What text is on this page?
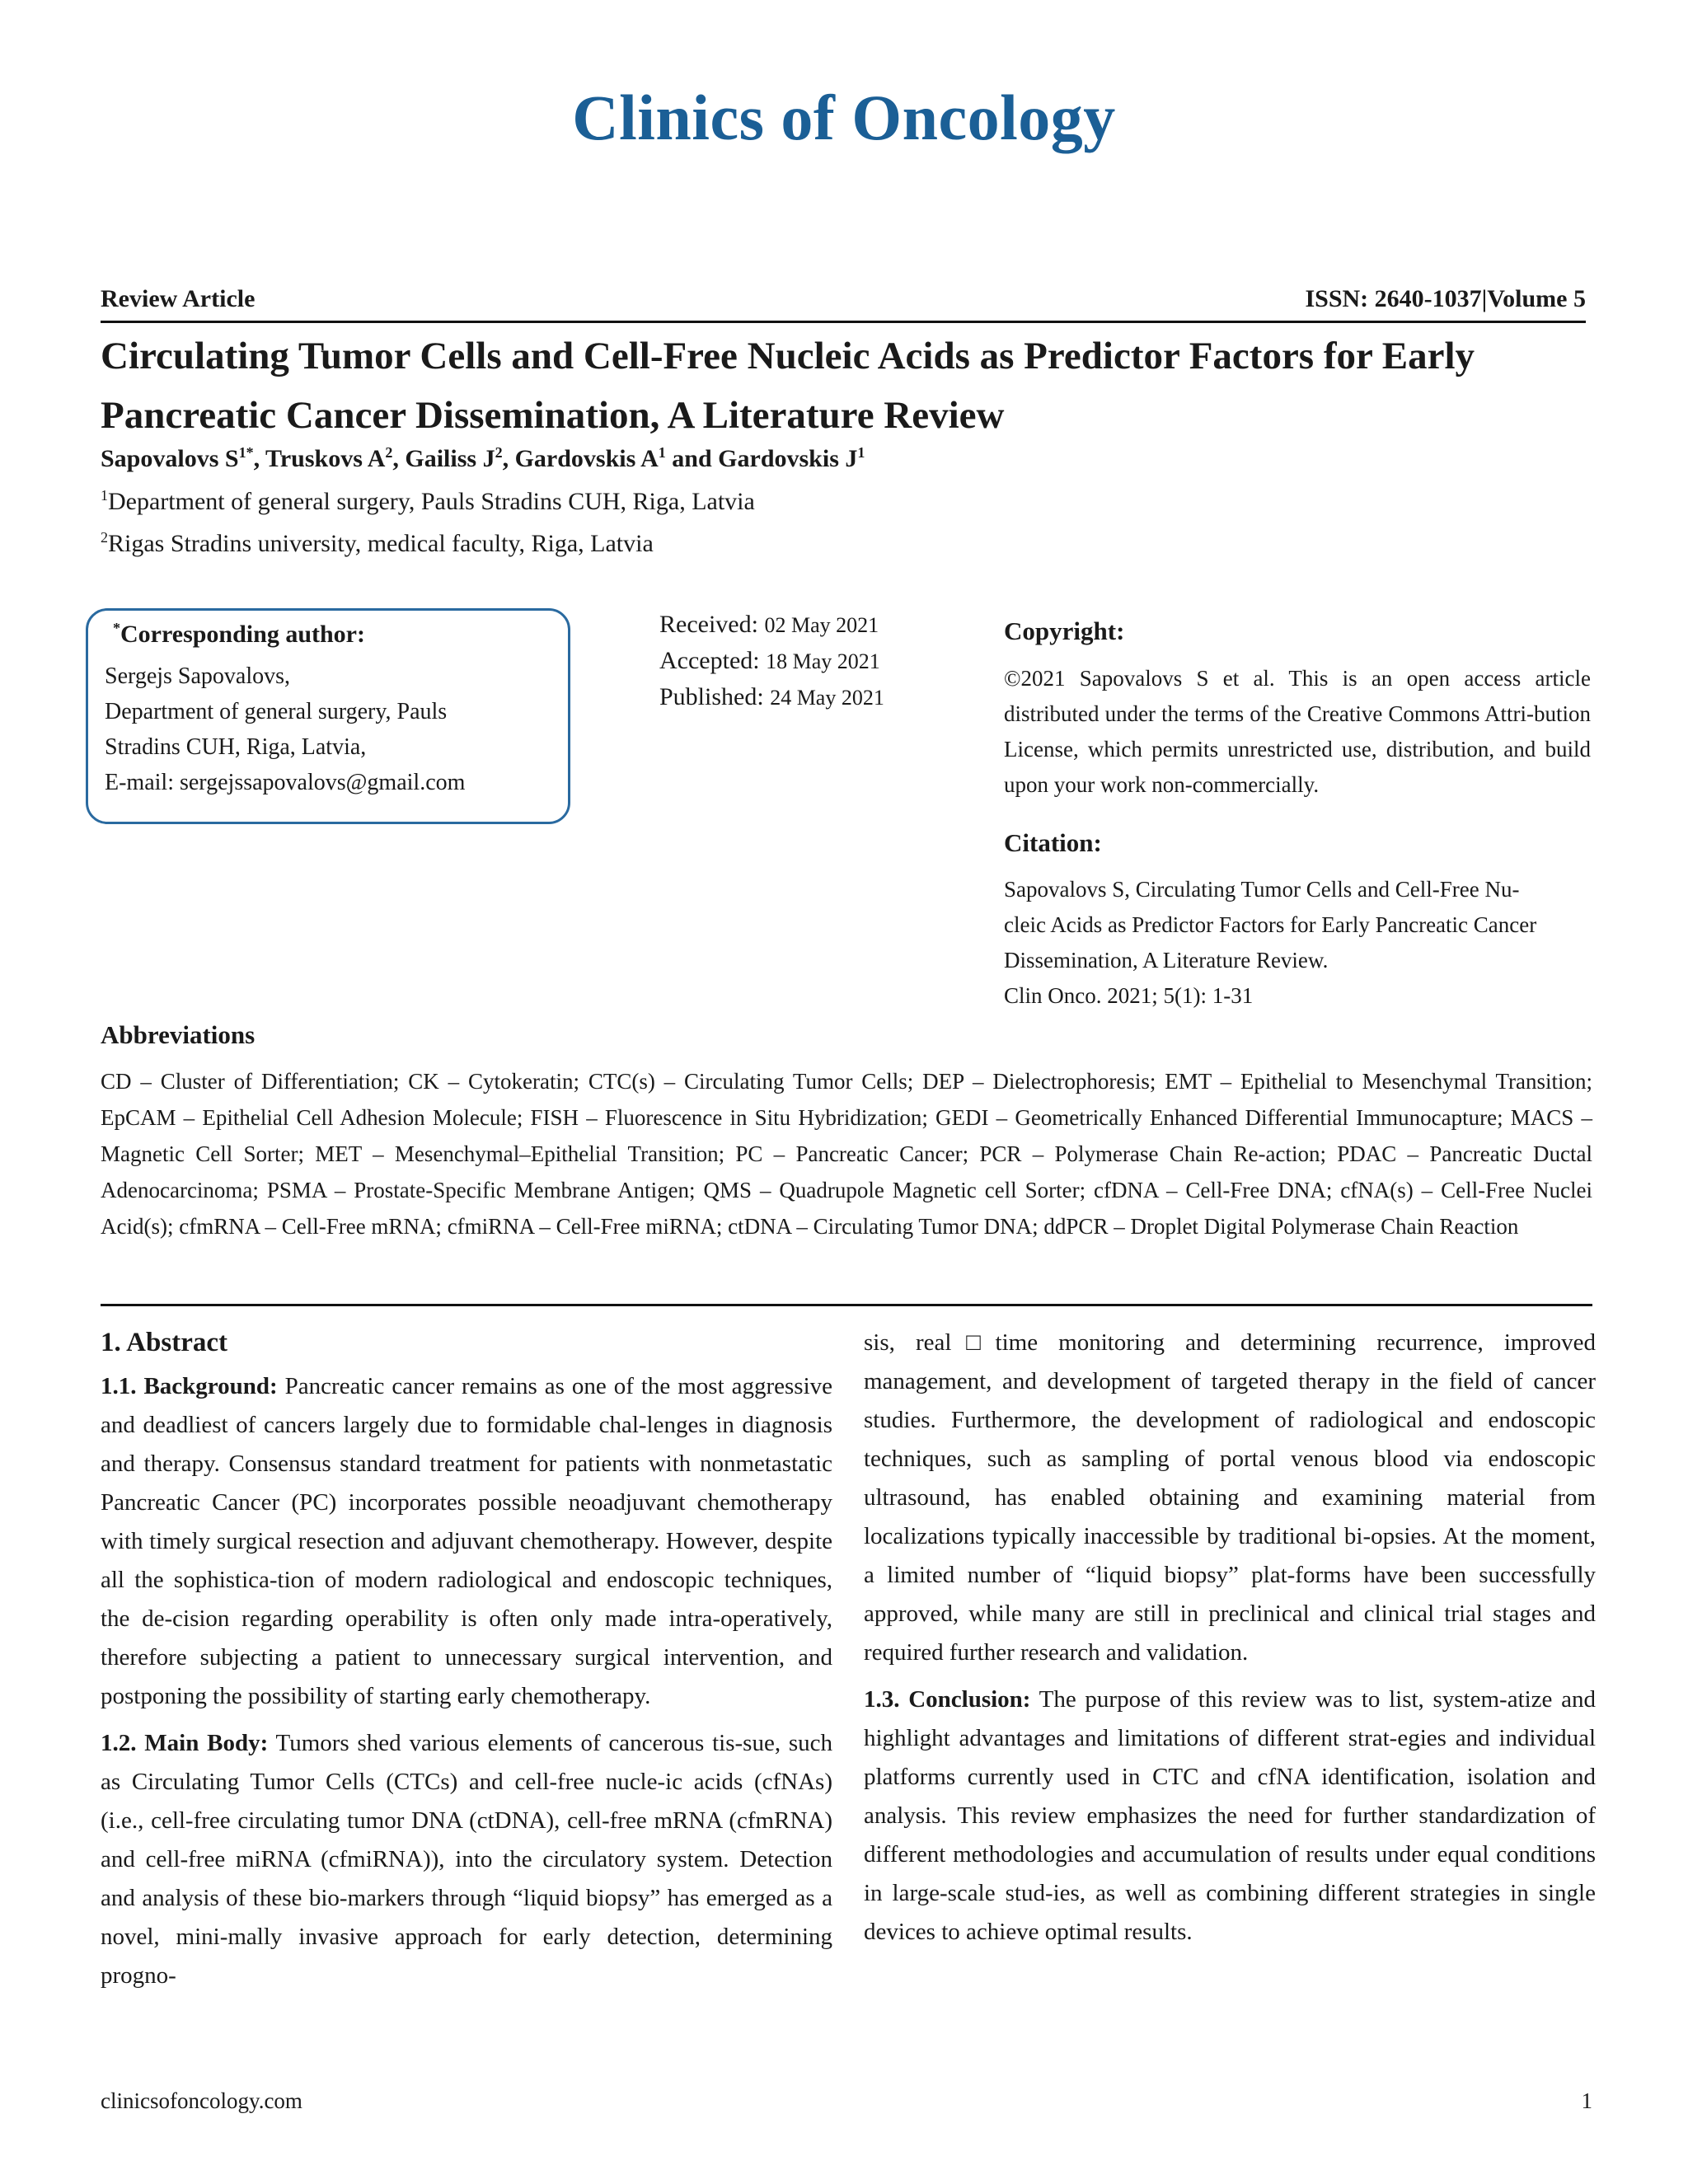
Clinics of Oncology
Review Article	ISSN: 2640-1037|Volume 5
Circulating Tumor Cells and Cell-Free Nucleic Acids as Predictor Factors for Early
Pancreatic Cancer Dissemination, A Literature Review
Sapovalovs $S^{1*}$, Truskovs $A^2$, Gailiss $J^2$, Gardovskis $A^1$ and Gardovskis $J^1$
$^1$Department of general surgery, Pauls Stradins CUH, Riga, Latvia
$^2$Rigas Stradins university, medical faculty, Riga, Latvia
*Corresponding author:
Sergejs Sapovalovs,
Department of general surgery, Pauls
Stradins CUH, Riga, Latvia,
E-mail: sergejssapovalovs@gmail.com
Received: 02 May 2021
Accepted: 18 May 2021
Published: 24 May 2021
Copyright:
©2021 Sapovalovs S et al. This is an open access article distributed under the terms of the Creative Commons Attri-bution License, which permits unrestricted use, distribution, and build upon your work non-commercially.
Citation:
Sapovalovs S, Circulating Tumor Cells and Cell-Free Nu-
cleic Acids as Predictor Factors for Early Pancreatic Cancer
Dissemination, A Literature Review.
Clin Onco. 2021; 5(1): 1-31
Abbreviations

CD – Cluster of Differentiation; CK – Cytokeratin; CTC(s) – Circulating Tumor Cells; DEP – Dielectrophoresis; EMT – Epithelial to Mesenchymal Transition; EpCAM – Epithelial Cell Adhesion Molecule; FISH – Fluorescence in Situ Hybridization; GEDI – Geometrically Enhanced Differential Immunocapture; MACS – Magnetic Cell Sorter; MET – Mesenchymal–Epithelial Transition; PC – Pancreatic Cancer; PCR – Polymerase Chain Re-action; PDAC – Pancreatic Ductal Adenocarcinoma; PSMA – Prostate-Specific Membrane Antigen; QMS – Quadrupole Magnetic cell Sorter; cfDNA – Cell-Free DNA; cfNA(s) – Cell-Free Nuclei Acid(s); cfmRNA – Cell-Free mRNA; cfmiRNA – Cell-Free miRNA; ctDNA – Circulating Tumor DNA; ddPCR – Droplet Digital Polymerase Chain Reaction

1. Abstract

1.1. Background: Pancreatic cancer remains as one of the most aggressive and deadliest of cancers largely due to formidable chal-lenges in diagnosis and therapy. Consensus standard treatment for patients with nonmetastatic Pancreatic Cancer (PC) incorporates possible neoadjuvant chemotherapy with timely surgical resection and adjuvant chemotherapy. However, despite all the sophistica-tion of modern radiological and endoscopic techniques, the de-cision regarding operability is often only made intra-operatively, therefore subjecting a patient to unnecessary surgical intervention, and postponing the possibility of starting early chemotherapy.

1.2. Main Body: Tumors shed various elements of cancerous tis-sue, such as Circulating Tumor Cells (CTCs) and cell-free nucle-ic acids (cfNAs) (i.e., cell-free circulating tumor DNA (ctDNA), cell-free mRNA (cfmRNA) and cell-free miRNA (cfmiRNA)), into the circulatory system. Detection and analysis of these bio-markers through “liquid biopsy” has emerged as a novel, mini-mally invasive approach for early detection, determining progno-

sis, real□time monitoring and determining recurrence, improved management, and development of targeted therapy in the field of cancer studies. Furthermore, the development of radiological and endoscopic techniques, such as sampling of portal venous blood via endoscopic ultrasound, has enabled obtaining and examining material from localizations typically inaccessible by traditional bi-opsies. At the moment, a limited number of “liquid biopsy” plat-forms have been successfully approved, while many are still in preclinical and clinical trial stages and required further research and validation.

1.3. Conclusion: The purpose of this review was to list, system-atize and highlight advantages and limitations of different strat-egies and individual platforms currently used in CTC and cfNA identification, isolation and analysis. This review emphasizes the need for further standardization of different methodologies and accumulation of results under equal conditions in large-scale stud-ies, as well as combining different strategies in single devices to achieve optimal results.

clinicsofoncology.com	1
